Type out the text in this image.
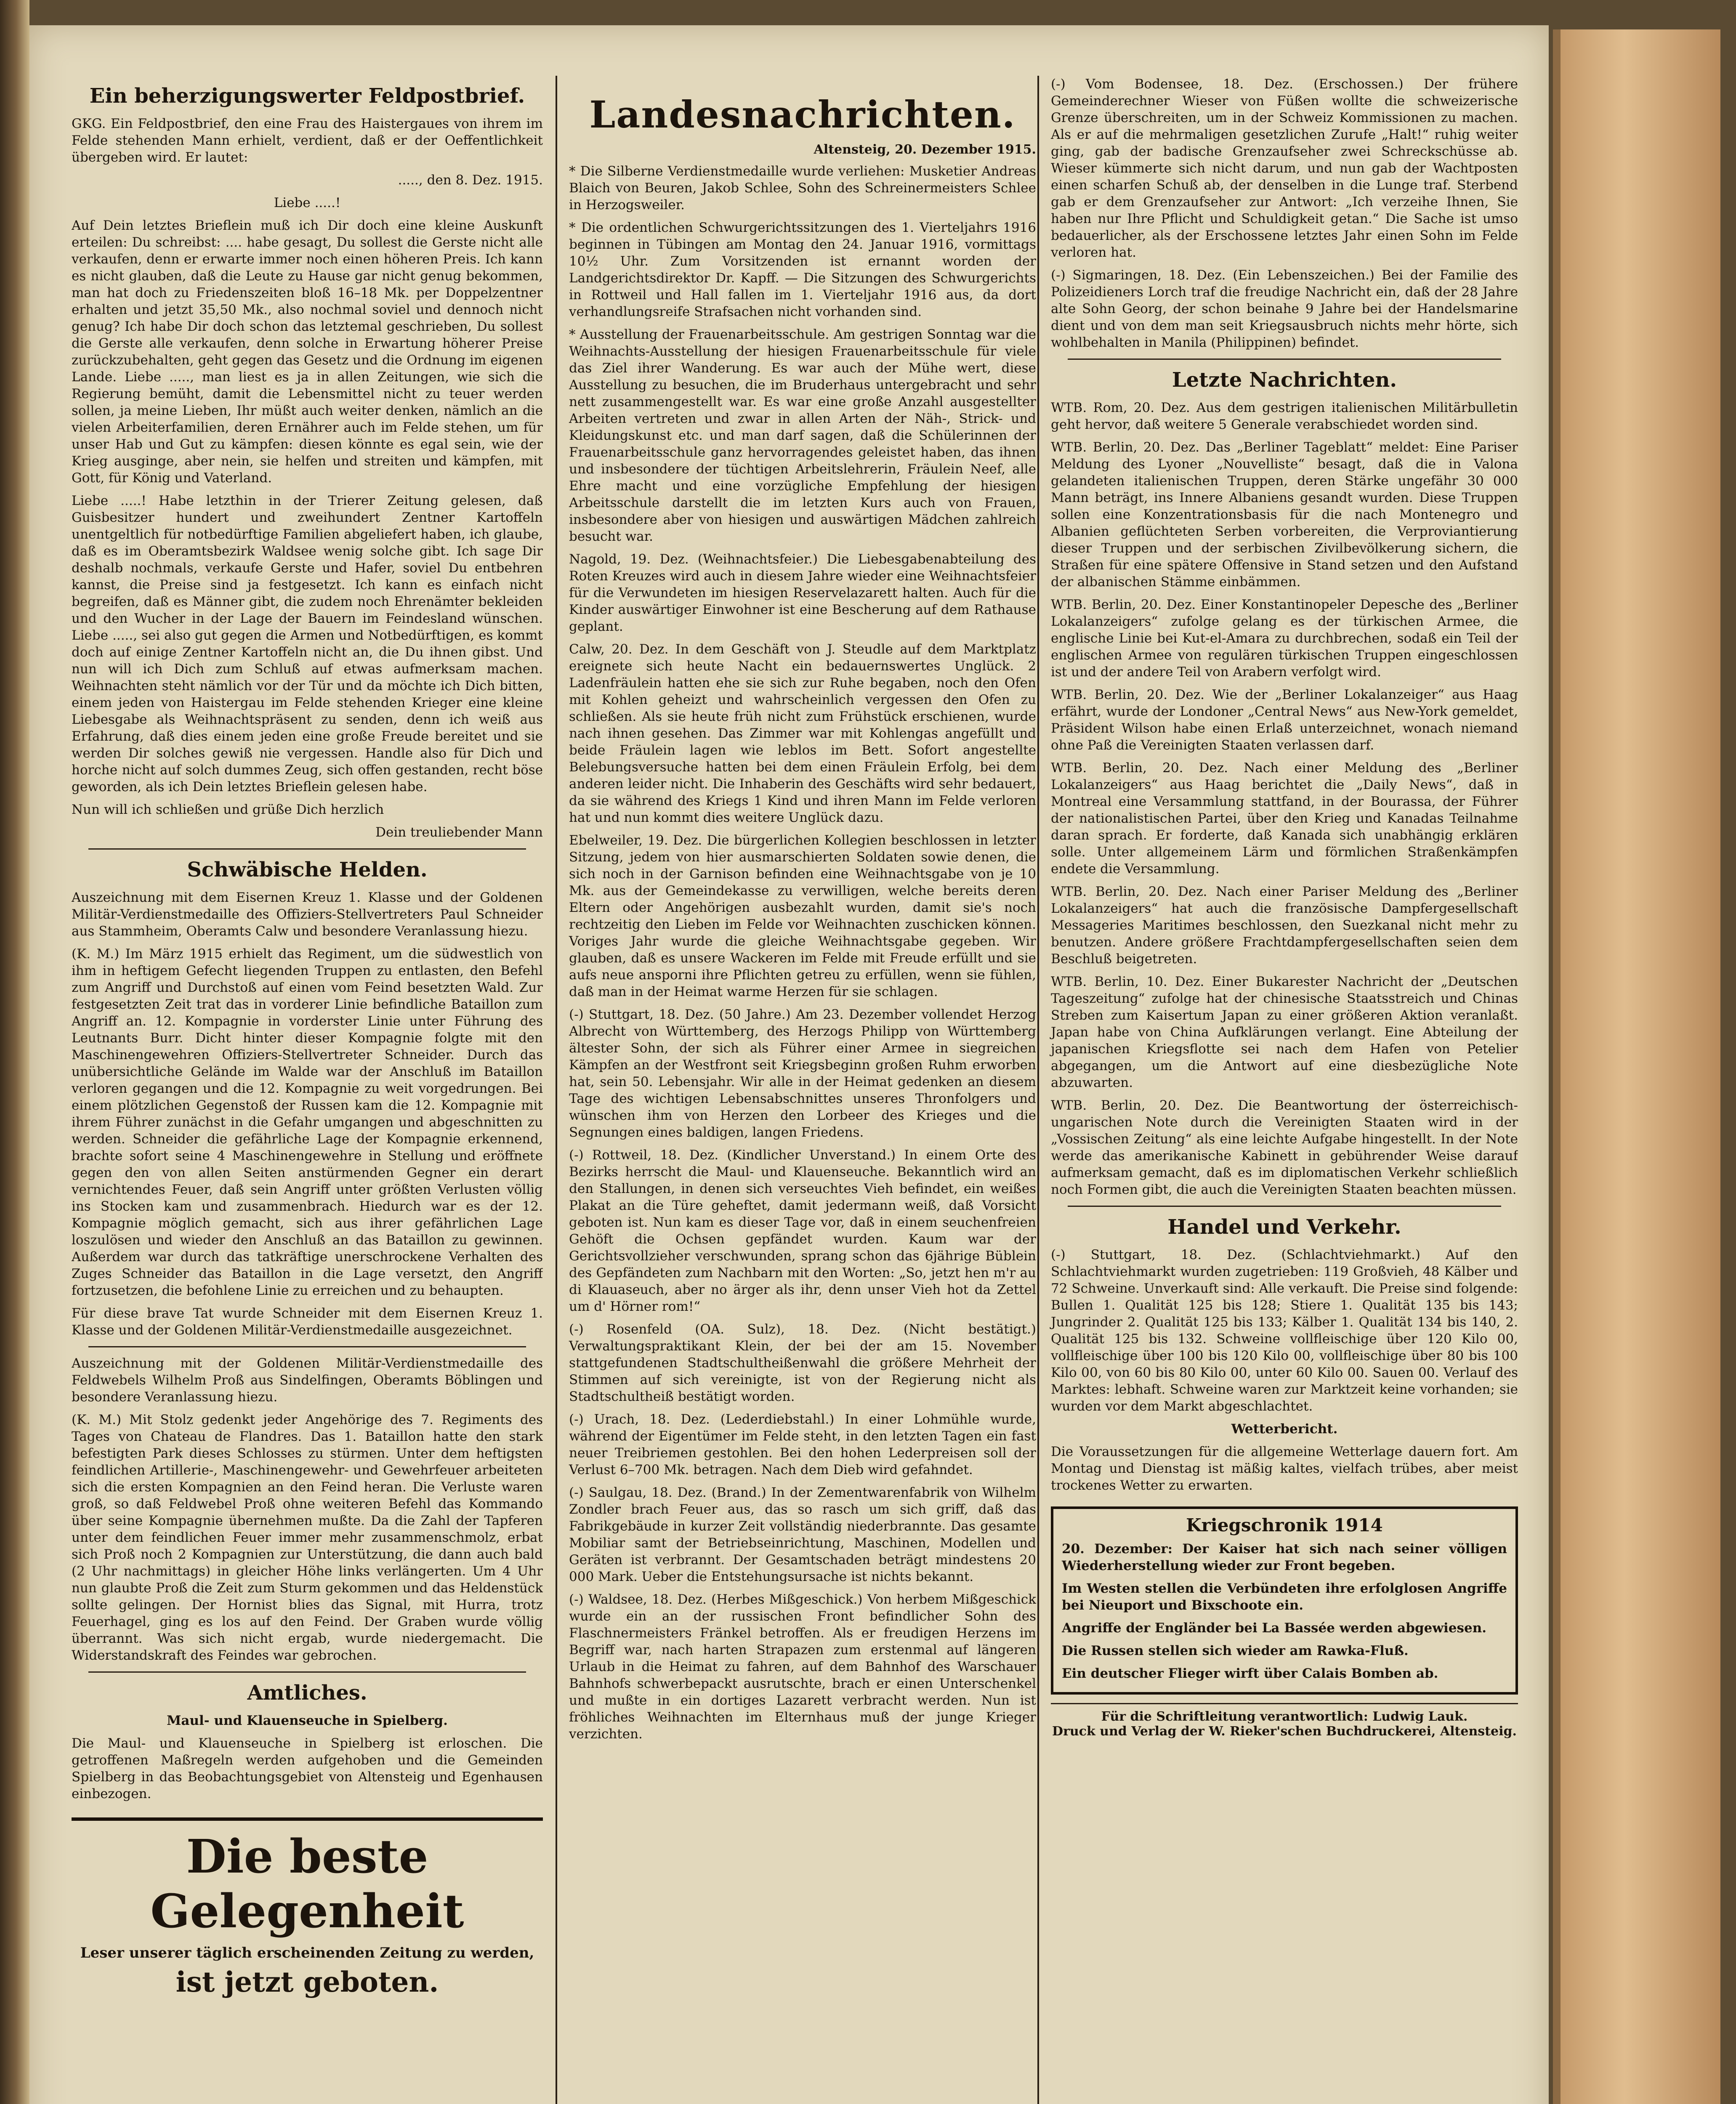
Ein beherzigungswerter Feldpostbrief.

GKG. Ein Feldpostbrief, den eine Frau des Haistergaues von ihrem im Felde stehenden Mann erhielt, verdient, daß er der Oeffentlichkeit übergeben wird. Er lautet:

....., den 8. Dez. 1915.

Liebe .....!

Auf Dein letztes Brieflein muß ich Dir doch eine kleine Auskunft erteilen: Du schreibst: .... habe gesagt, Du sollest die Gerste nicht alle verkaufen, denn er erwarte immer noch einen höheren Preis. Ich kann es nicht glauben, daß die Leute zu Hause gar nicht genug bekommen, man hat doch zu Friedenszeiten bloß 16–18 Mk. per Doppelzentner erhalten und jetzt 35,50 Mk., also nochmal soviel und dennoch nicht genug? Ich habe Dir doch schon das letztemal geschrieben, Du sollest die Gerste alle verkaufen, denn solche in Erwartung höherer Preise zurückzubehalten, geht gegen das Gesetz und die Ordnung im eigenen Lande. Liebe ....., man liest es ja in allen Zeitungen, wie sich die Regierung bemüht, damit die Lebensmittel nicht zu teuer werden sollen, ja meine Lieben, Ihr müßt auch weiter denken, nämlich an die vielen Arbeiterfamilien, deren Ernährer auch im Felde stehen, um für unser Hab und Gut zu kämpfen: diesen könnte es egal sein, wie der Krieg ausginge, aber nein, sie helfen und streiten und kämpfen, mit Gott, für König und Vaterland.

Liebe .....! Habe letzthin in der Trierer Zeitung gelesen, daß Guisbesitzer hundert und zweihundert Zentner Kartoffeln unentgeltlich für notbedürftige Familien abgeliefert haben, ich glaube, daß es im Oberamtsbezirk Waldsee wenig solche gibt. Ich sage Dir deshalb nochmals, verkaufe Gerste und Hafer, soviel Du entbehren kannst, die Preise sind ja festgesetzt. Ich kann es einfach nicht begreifen, daß es Männer gibt, die zudem noch Ehrenämter bekleiden und den Wucher in der Lage der Bauern im Feindesland wünschen. Liebe ....., sei also gut gegen die Armen und Notbedürftigen, es kommt doch auf einige Zentner Kartoffeln nicht an, die Du ihnen gibst. Und nun will ich Dich zum Schluß auf etwas aufmerksam machen. Weihnachten steht nämlich vor der Tür und da möchte ich Dich bitten, einem jeden von Haistergau im Felde stehenden Krieger eine kleine Liebesgabe als Weihnachtspräsent zu senden, denn ich weiß aus Erfahrung, daß dies einem jeden eine große Freude bereitet und sie werden Dir solches gewiß nie vergessen. Handle also für Dich und horche nicht auf solch dummes Zeug, sich offen gestanden, recht böse geworden, als ich Dein letztes Brieflein gelesen habe.

Nun will ich schließen und grüße Dich herzlich

Dein treuliebender Mann

Schwäbische Helden.

Auszeichnung mit dem Eisernen Kreuz 1. Klasse und der Goldenen Militär-Verdienstmedaille des Offiziers-Stellvertreters Paul Schneider aus Stammheim, Oberamts Calw und besondere Veranlassung hiezu.

(K. M.) Im März 1915 erhielt das Regiment, um die südwestlich von ihm in heftigem Gefecht liegenden Truppen zu entlasten, den Befehl zum Angriff und Durchstoß auf einen vom Feind besetzten Wald. Zur festgesetzten Zeit trat das in vorderer Linie befindliche Bataillon zum Angriff an. 12. Kompagnie in vorderster Linie unter Führung des Leutnants Burr. Dicht hinter dieser Kompagnie folgte mit den Maschinengewehren Offiziers-Stellvertreter Schneider. Durch das unübersichtliche Gelände im Walde war der Anschluß im Bataillon verloren gegangen und die 12. Kompagnie zu weit vorgedrungen. Bei einem plötzlichen Gegenstoß der Russen kam die 12. Kompagnie mit ihrem Führer zunächst in die Gefahr umgangen und abgeschnitten zu werden. Schneider die gefährliche Lage der Kompagnie erkennend, brachte sofort seine 4 Maschinengewehre in Stellung und eröffnete gegen den von allen Seiten anstürmenden Gegner ein derart vernichtendes Feuer, daß sein Angriff unter größten Verlusten völlig ins Stocken kam und zusammenbrach. Hiedurch war es der 12. Kompagnie möglich gemacht, sich aus ihrer gefährlichen Lage loszulösen und wieder den Anschluß an das Bataillon zu gewinnen. Außerdem war durch das tatkräftige unerschrockene Verhalten des Zuges Schneider das Bataillon in die Lage versetzt, den Angriff fortzusetzen, die befohlene Linie zu erreichen und zu behaupten.

Für diese brave Tat wurde Schneider mit dem Eisernen Kreuz 1. Klasse und der Goldenen Militär-Verdienstmedaille ausgezeichnet.

Auszeichnung mit der Goldenen Militär-Verdienstmedaille des Feldwebels Wilhelm Proß aus Sindelfingen, Oberamts Böblingen und besondere Veranlassung hiezu.

(K. M.) Mit Stolz gedenkt jeder Angehörige des 7. Regiments des Tages von Chateau de Flandres. Das 1. Bataillon hatte den stark befestigten Park dieses Schlosses zu stürmen. Unter dem heftigsten feindlichen Artillerie-, Maschinengewehr- und Gewehrfeuer arbeiteten sich die ersten Kompagnien an den Feind heran. Die Verluste waren groß, so daß Feldwebel Proß ohne weiteren Befehl das Kommando über seine Kompagnie übernehmen mußte. Da die Zahl der Tapferen unter dem feindlichen Feuer immer mehr zusammenschmolz, erbat sich Proß noch 2 Kompagnien zur Unterstützung, die dann auch bald (2 Uhr nachmittags) in gleicher Höhe links verlängerten. Um 4 Uhr nun glaubte Proß die Zeit zum Sturm gekommen und das Heldenstück sollte gelingen. Der Hornist blies das Signal, mit Hurra, trotz Feuerhagel, ging es los auf den Feind. Der Graben wurde völlig überrannt. Was sich nicht ergab, wurde niedergemacht. Die Widerstandskraft des Feindes war gebrochen.

Amtliches.

Maul- und Klauenseuche in Spielberg.

Die Maul- und Klauenseuche in Spielberg ist erloschen. Die getroffenen Maßregeln werden aufgehoben und die Gemeinden Spielberg in das Beobachtungsgebiet von Altensteig und Egenhausen einbezogen.

Die beste Gelegenheit
Leser unserer täglich erscheinenden Zeitung zu werden,
ist jetzt geboten.
Landesnachrichten.
Altensteig, 20. Dezember 1915.

* Die Silberne Verdienstmedaille wurde verliehen: Musketier Andreas Blaich von Beuren, Jakob Schlee, Sohn des Schreinermeisters Schlee in Herzogsweiler.

* Die ordentlichen Schwurgerichtssitzungen des 1. Vierteljahrs 1916 beginnen in Tübingen am Montag den 24. Januar 1916, vormittags 10½ Uhr. Zum Vorsitzenden ist ernannt worden der Landgerichtsdirektor Dr. Kapff. — Die Sitzungen des Schwurgerichts in Rottweil und Hall fallen im 1. Vierteljahr 1916 aus, da dort verhandlungsreife Strafsachen nicht vorhanden sind.

* Ausstellung der Frauenarbeitsschule. Am gestrigen Sonntag war die Weihnachts-Ausstellung der hiesigen Frauenarbeitsschule für viele das Ziel ihrer Wanderung. Es war auch der Mühe wert, diese Ausstellung zu besuchen, die im Bruderhaus untergebracht und sehr nett zusammengestellt war. Es war eine große Anzahl ausgestellter Arbeiten vertreten und zwar in allen Arten der Näh-, Strick- und Kleidungskunst etc. und man darf sagen, daß die Schülerinnen der Frauenarbeitsschule ganz hervorragendes geleistet haben, das ihnen und insbesondere der tüchtigen Arbeitslehrerin, Fräulein Neef, alle Ehre macht und eine vorzügliche Empfehlung der hiesigen Arbeitsschule darstellt die im letzten Kurs auch von Frauen, insbesondere aber von hiesigen und auswärtigen Mädchen zahlreich besucht war.

Nagold, 19. Dez. (Weihnachtsfeier.) Die Liebesgabenabteilung des Roten Kreuzes wird auch in diesem Jahre wieder eine Weihnachtsfeier für die Verwundeten im hiesigen Reservelazarett halten. Auch für die Kinder auswärtiger Einwohner ist eine Bescherung auf dem Rathause geplant.

Calw, 20. Dez. In dem Geschäft von J. Steudle auf dem Marktplatz ereignete sich heute Nacht ein bedauernswertes Unglück. 2 Ladenfräulein hatten ehe sie sich zur Ruhe begaben, noch den Ofen mit Kohlen geheizt und wahrscheinlich vergessen den Ofen zu schließen. Als sie heute früh nicht zum Frühstück erschienen, wurde nach ihnen gesehen. Das Zimmer war mit Kohlengas angefüllt und beide Fräulein lagen wie leblos im Bett. Sofort angestellte Belebungsversuche hatten bei dem einen Fräulein Erfolg, bei dem anderen leider nicht. Die Inhaberin des Geschäfts wird sehr bedauert, da sie während des Kriegs 1 Kind und ihren Mann im Felde verloren hat und nun kommt dies weitere Unglück dazu.

Ebelweiler, 19. Dez. Die bürgerlichen Kollegien beschlossen in letzter Sitzung, jedem von hier ausmarschierten Soldaten sowie denen, die sich noch in der Garnison befinden eine Weihnachtsgabe von je 10 Mk. aus der Gemeindekasse zu verwilligen, welche bereits deren Eltern oder Angehörigen ausbezahlt wurden, damit sie's noch rechtzeitig den Lieben im Felde vor Weihnachten zuschicken können. Voriges Jahr wurde die gleiche Weihnachtsgabe gegeben. Wir glauben, daß es unsere Wackeren im Felde mit Freude erfüllt und sie aufs neue ansporni ihre Pflichten getreu zu erfüllen, wenn sie fühlen, daß man in der Heimat warme Herzen für sie schlagen.

(-) Stuttgart, 18. Dez. (50 Jahre.) Am 23. Dezember vollendet Herzog Albrecht von Württemberg, des Herzogs Philipp von Württemberg ältester Sohn, der sich als Führer einer Armee in siegreichen Kämpfen an der Westfront seit Kriegsbeginn großen Ruhm erworben hat, sein 50. Lebensjahr. Wir alle in der Heimat gedenken an diesem Tage des wichtigen Lebensabschnittes unseres Thronfolgers und wünschen ihm von Herzen den Lorbeer des Krieges und die Segnungen eines baldigen, langen Friedens.

(-) Rottweil, 18. Dez. (Kindlicher Unverstand.) In einem Orte des Bezirks herrscht die Maul- und Klauenseuche. Bekanntlich wird an den Stallungen, in denen sich verseuchtes Vieh befindet, ein weißes Plakat an die Türe geheftet, damit jedermann weiß, daß Vorsicht geboten ist. Nun kam es dieser Tage vor, daß in einem seuchenfreien Gehöft die Ochsen gepfändet wurden. Kaum war der Gerichtsvollzieher verschwunden, sprang schon das 6jährige Büblein des Gepfändeten zum Nachbarn mit den Worten: „So, jetzt hen m'r au di Klauaseuch, aber no ärger als ihr, denn unser Vieh hot da Zettel um d' Hörner rom!“

(-) Rosenfeld (OA. Sulz), 18. Dez. (Nicht bestätigt.) Verwaltungspraktikant Klein, der bei der am 15. November stattgefundenen Stadtschultheißenwahl die größere Mehrheit der Stimmen auf sich vereinigte, ist von der Regierung nicht als Stadtschultheiß bestätigt worden.

(-) Urach, 18. Dez. (Lederdiebstahl.) In einer Lohmühle wurde, während der Eigentümer im Felde steht, in den letzten Tagen ein fast neuer Treibriemen gestohlen. Bei den hohen Lederpreisen soll der Verlust 6–700 Mk. betragen. Nach dem Dieb wird gefahndet.

(-) Saulgau, 18. Dez. (Brand.) In der Zementwarenfabrik von Wilhelm Zondler brach Feuer aus, das so rasch um sich griff, daß das Fabrikgebäude in kurzer Zeit vollständig niederbrannte. Das gesamte Mobiliar samt der Betriebseinrichtung, Maschinen, Modellen und Geräten ist verbrannt. Der Gesamtschaden beträgt mindestens 20 000 Mark. Ueber die Entstehungsursache ist nichts bekannt.

(-) Waldsee, 18. Dez. (Herbes Mißgeschick.) Von herbem Mißgeschick wurde ein an der russischen Front befindlicher Sohn des Flaschnermeisters Fränkel betroffen. Als er freudigen Herzens im Begriff war, nach harten Strapazen zum erstenmal auf längeren Urlaub in die Heimat zu fahren, auf dem Bahnhof des Warschauer Bahnhofs schwerbepackt ausrutschte, brach er einen Unterschenkel und mußte in ein dortiges Lazarett verbracht werden. Nun ist fröhliches Weihnachten im Elternhaus muß der junge Krieger verzichten.

(-) Vom Bodensee, 18. Dez. (Erschossen.) Der frühere Gemeinderechner Wieser von Füßen wollte die schweizerische Grenze überschreiten, um in der Schweiz Kommissionen zu machen. Als er auf die mehrmaligen gesetzlichen Zurufe „Halt!“ ruhig weiter ging, gab der badische Grenzaufseher zwei Schreckschüsse ab. Wieser kümmerte sich nicht darum, und nun gab der Wachtposten einen scharfen Schuß ab, der denselben in die Lunge traf. Sterbend gab er dem Grenzaufseher zur Antwort: „Ich verzeihe Ihnen, Sie haben nur Ihre Pflicht und Schuldigkeit getan.“ Die Sache ist umso bedauerlicher, als der Erschossene letztes Jahr einen Sohn im Felde verloren hat.

(-) Sigmaringen, 18. Dez. (Ein Lebenszeichen.) Bei der Familie des Polizeidieners Lorch traf die freudige Nachricht ein, daß der 28 Jahre alte Sohn Georg, der schon beinahe 9 Jahre bei der Handelsmarine dient und von dem man seit Kriegsausbruch nichts mehr hörte, sich wohlbehalten in Manila (Philippinen) befindet.

Letzte Nachrichten.

WTB. Rom, 20. Dez. Aus dem gestrigen italienischen Militärbulletin geht hervor, daß weitere 5 Generale verabschiedet worden sind.

WTB. Berlin, 20. Dez. Das „Berliner Tageblatt“ meldet: Eine Pariser Meldung des Lyoner „Nouvelliste“ besagt, daß die in Valona gelandeten italienischen Truppen, deren Stärke ungefähr 30 000 Mann beträgt, ins Innere Albaniens gesandt wurden. Diese Truppen sollen eine Konzentrationsbasis für die nach Montenegro und Albanien geflüchteten Serben vorbereiten, die Verproviantierung dieser Truppen und der serbischen Zivilbevölkerung sichern, die Straßen für eine spätere Offensive in Stand setzen und den Aufstand der albanischen Stämme einbämmen.

WTB. Berlin, 20. Dez. Einer Konstantinopeler Depesche des „Berliner Lokalanzeigers“ zufolge gelang es der türkischen Armee, die englische Linie bei Kut-el-Amara zu durchbrechen, sodaß ein Teil der englischen Armee von regulären türkischen Truppen eingeschlossen ist und der andere Teil von Arabern verfolgt wird.

WTB. Berlin, 20. Dez. Wie der „Berliner Lokalanzeiger“ aus Haag erfährt, wurde der Londoner „Central News“ aus New-York gemeldet, Präsident Wilson habe einen Erlaß unterzeichnet, wonach niemand ohne Paß die Vereinigten Staaten verlassen darf.

WTB. Berlin, 20. Dez. Nach einer Meldung des „Berliner Lokalanzeigers“ aus Haag berichtet die „Daily News“, daß in Montreal eine Versammlung stattfand, in der Bourassa, der Führer der nationalistischen Partei, über den Krieg und Kanadas Teilnahme daran sprach. Er forderte, daß Kanada sich unabhängig erklären solle. Unter allgemeinem Lärm und förmlichen Straßenkämpfen endete die Versammlung.

WTB. Berlin, 20. Dez. Nach einer Pariser Meldung des „Berliner Lokalanzeigers“ hat auch die französische Dampfergesellschaft Messageries Maritimes beschlossen, den Suezkanal nicht mehr zu benutzen. Andere größere Frachtdampfergesellschaften seien dem Beschluß beigetreten.

WTB. Berlin, 10. Dez. Einer Bukarester Nachricht der „Deutschen Tageszeitung“ zufolge hat der chinesische Staatsstreich und Chinas Streben zum Kaisertum Japan zu einer größeren Aktion veranlaßt. Japan habe von China Aufklärungen verlangt. Eine Abteilung der japanischen Kriegsflotte sei nach dem Hafen von Petelier abgegangen, um die Antwort auf eine diesbezügliche Note abzuwarten.

WTB. Berlin, 20. Dez. Die Beantwortung der österreichisch-ungarischen Note durch die Vereinigten Staaten wird in der „Vossischen Zeitung“ als eine leichte Aufgabe hingestellt. In der Note werde das amerikanische Kabinett in gebührender Weise darauf aufmerksam gemacht, daß es im diplomatischen Verkehr schließlich noch Formen gibt, die auch die Vereinigten Staaten beachten müssen.

Handel und Verkehr.

(-) Stuttgart, 18. Dez. (Schlachtviehmarkt.) Auf den Schlachtviehmarkt wurden zugetrieben: 119 Großvieh, 48 Kälber und 72 Schweine. Unverkauft sind: Alle verkauft. Die Preise sind folgende: Bullen 1. Qualität 125 bis 128; Stiere 1. Qualität 135 bis 143; Jungrinder 2. Qualität 125 bis 133; Kälber 1. Qualität 134 bis 140, 2. Qualität 125 bis 132. Schweine vollfleischige über 120 Kilo 00, vollfleischige über 100 bis 120 Kilo 00, vollfleischige über 80 bis 100 Kilo 00, von 60 bis 80 Kilo 00, unter 60 Kilo 00. Sauen 00. Verlauf des Marktes: lebhaft. Schweine waren zur Marktzeit keine vorhanden; sie wurden vor dem Markt abgeschlachtet.

Wetterbericht.

Die Voraussetzungen für die allgemeine Wetterlage dauern fort. Am Montag und Dienstag ist mäßig kaltes, vielfach trübes, aber meist trockenes Wetter zu erwarten.

Kriegschronik 1914

20. Dezember: Der Kaiser hat sich nach seiner völligen Wiederherstellung wieder zur Front begeben.

Im Westen stellen die Verbündeten ihre erfolglosen Angriffe bei Nieuport und Bixschoote ein.

Angriffe der Engländer bei La Bassée werden abgewiesen.

Die Russen stellen sich wieder am Rawka-Fluß.

Ein deutscher Flieger wirft über Calais Bomben ab.

Für die Schriftleitung verantwortlich: Ludwig Lauk.
Druck und Verlag der W. Rieker'schen Buchdruckerei, Altensteig.
